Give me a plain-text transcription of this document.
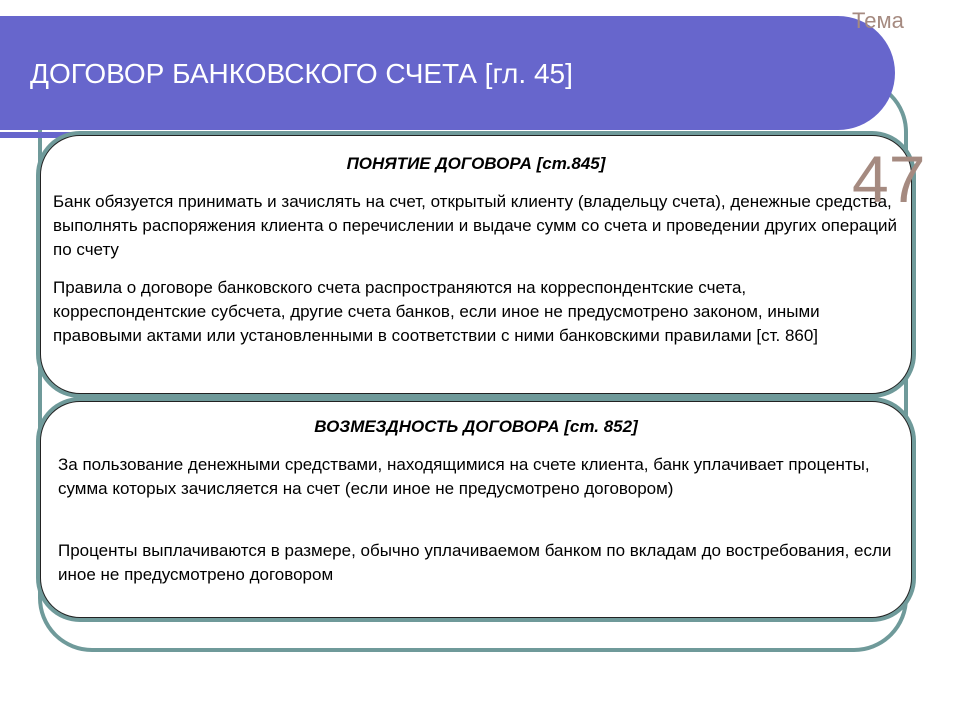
ДОГОВОР БАНКОВСКОГО СЧЕТА [гл. 45]
Тема
ПОНЯТИЕ ДОГОВОРА [ст.845]

Банк обязуется принимать и зачислять на счет, открытый клиенту (владельцу счета), денежные средства, выполнять распоряжения клиента о перечислении и выдаче сумм со счета и проведении других операций по счету

Правила о договоре банковского счета распространяются на корреспондентские счета, корреспондентские субсчета, другие счета банков, если иное не предусмотрено законом, иными правовыми актами или установленными в соответствии с ними банковскими правилами [ст. 860]

47
ВОЗМЕЗДНОСТЬ ДОГОВОРА [ст. 852]

За пользование денежными средствами, находящимися на счете клиента, банк уплачивает проценты, сумма которых зачисляется на счет (если иное не предусмотрено договором)

Проценты выплачиваются в размере, обычно уплачиваемом банком по вкладам до востребования, если иное не предусмотрено договором
